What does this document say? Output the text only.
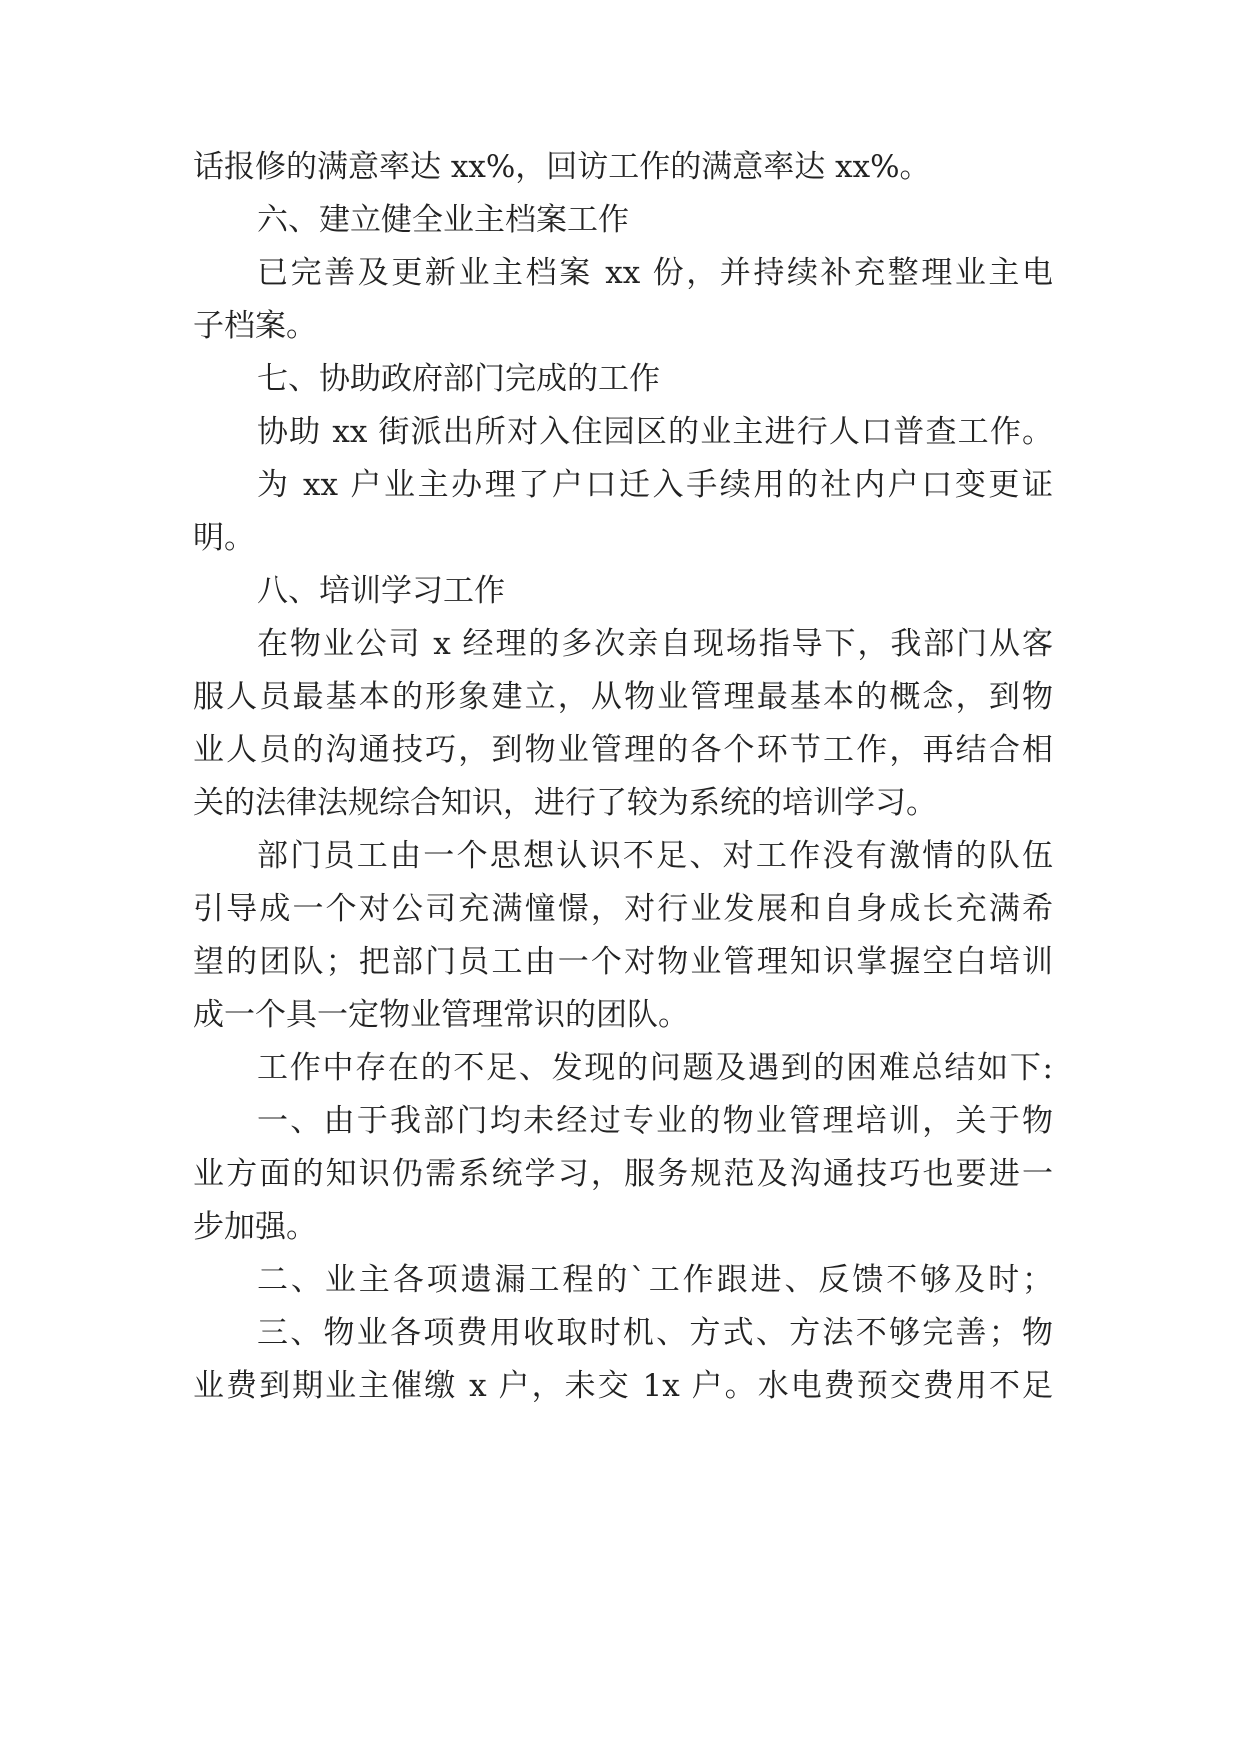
话报修的满意率达 xx%，回访工作的满意率达 xx%。
六、建立健全业主档案工作
已完善及更新业主档案 xx 份，并持续补充整理业主电
子档案。
七、协助政府部门完成的工作
协助 xx 街派出所对入住园区的业主进行人口普查工作。
为 xx 户业主办理了户口迁入手续用的社内户口变更证
明。
八、培训学习工作
在物业公司 x 经理的多次亲自现场指导下，我部门从客
服人员最基本的形象建立，从物业管理最基本的概念，到物
业人员的沟通技巧，到物业管理的各个环节工作，再结合相
关的法律法规综合知识，进行了较为系统的培训学习。
部门员工由一个思想认识不足、对工作没有激情的队伍
引导成一个对公司充满憧憬，对行业发展和自身成长充满希
望的团队；把部门员工由一个对物业管理知识掌握空白培训
成一个具一定物业管理常识的团队。
工作中存在的不足、发现的问题及遇到的困难总结如下:
一、由于我部门均未经过专业的物业管理培训，关于物
业方面的知识仍需系统学习，服务规范及沟通技巧也要进一
步加强。
二、业主各项遗漏工程的`工作跟进、反馈不够及时；
三、物业各项费用收取时机、方式、方法不够完善；物
业费到期业主催缴 x 户，未交 1x 户。水电费预交费用不足
